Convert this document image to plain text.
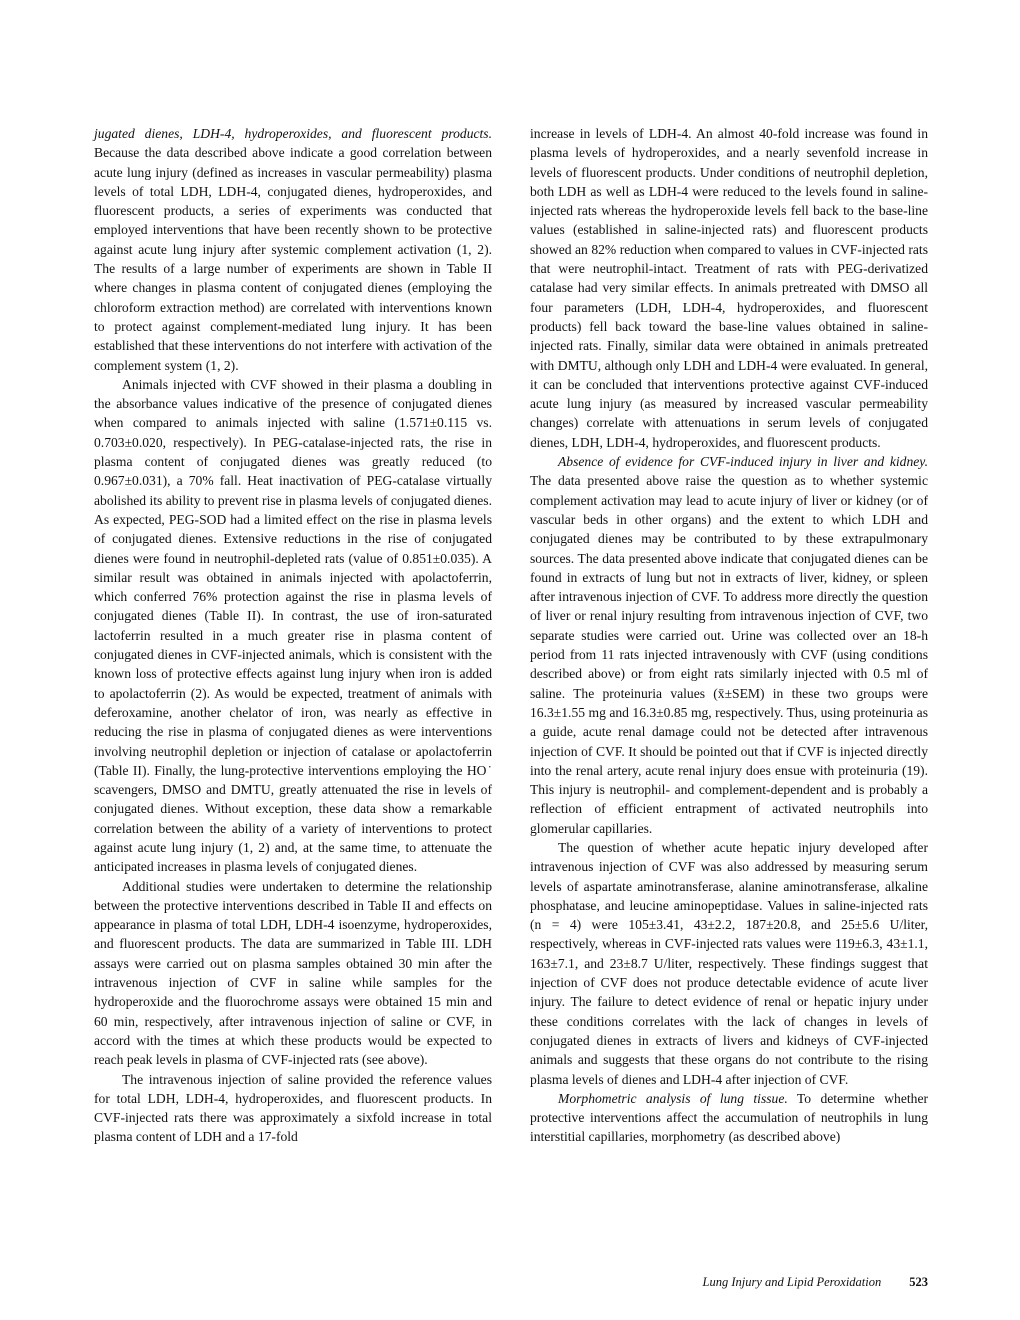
jugated dienes, LDH-4, hydroperoxides, and fluorescent products. Because the data described above indicate a good correlation between acute lung injury (defined as increases in vascular permeability) plasma levels of total LDH, LDH-4, conjugated dienes, hydroperoxides, and fluorescent products, a series of experiments was conducted that employed interventions that have been recently shown to be protective against acute lung injury after systemic complement activation (1, 2). The results of a large number of experiments are shown in Table II where changes in plasma content of conjugated dienes (employing the chloroform extraction method) are correlated with interventions known to protect against complement-mediated lung injury. It has been established that these interventions do not interfere with activation of the complement system (1, 2).

Animals injected with CVF showed in their plasma a doubling in the absorbance values indicative of the presence of conjugated dienes when compared to animals injected with saline (1.571±0.115 vs. 0.703±0.020, respectively). In PEG-catalase-injected rats, the rise in plasma content of conjugated dienes was greatly reduced (to 0.967±0.031), a 70% fall. Heat inactivation of PEG-catalase virtually abolished its ability to prevent rise in plasma levels of conjugated dienes. As expected, PEG-SOD had a limited effect on the rise in plasma levels of conjugated dienes. Extensive reductions in the rise of conjugated dienes were found in neutrophil-depleted rats (value of 0.851±0.035). A similar result was obtained in animals injected with apolactoferrin, which conferred 76% protection against the rise in plasma levels of conjugated dienes (Table II). In contrast, the use of iron-saturated lactoferrin resulted in a much greater rise in plasma content of conjugated dienes in CVF-injected animals, which is consistent with the known loss of protective effects against lung injury when iron is added to apolactoferrin (2). As would be expected, treatment of animals with deferoxamine, another chelator of iron, was nearly as effective in reducing the rise in plasma of conjugated dienes as were interventions involving neutrophil depletion or injection of catalase or apolactoferrin (Table II). Finally, the lung-protective interventions employing the HO˙ scavengers, DMSO and DMTU, greatly attenuated the rise in levels of conjugated dienes. Without exception, these data show a remarkable correlation between the ability of a variety of interventions to protect against acute lung injury (1, 2) and, at the same time, to attenuate the anticipated increases in plasma levels of conjugated dienes.

Additional studies were undertaken to determine the relationship between the protective interventions described in Table II and effects on appearance in plasma of total LDH, LDH-4 isoenzyme, hydroperoxides, and fluorescent products. The data are summarized in Table III. LDH assays were carried out on plasma samples obtained 30 min after the intravenous injection of CVF in saline while samples for the hydroperoxide and the fluorochrome assays were obtained 15 min and 60 min, respectively, after intravenous injection of saline or CVF, in accord with the times at which these products would be expected to reach peak levels in plasma of CVF-injected rats (see above).

The intravenous injection of saline provided the reference values for total LDH, LDH-4, hydroperoxides, and fluorescent products. In CVF-injected rats there was approximately a sixfold increase in total plasma content of LDH and a 17-fold

increase in levels of LDH-4. An almost 40-fold increase was found in plasma levels of hydroperoxides, and a nearly sevenfold increase in levels of fluorescent products. Under conditions of neutrophil depletion, both LDH as well as LDH-4 were reduced to the levels found in saline-injected rats whereas the hydroperoxide levels fell back to the base-line values (established in saline-injected rats) and fluorescent products showed an 82% reduction when compared to values in CVF-injected rats that were neutrophil-intact. Treatment of rats with PEG-derivatized catalase had very similar effects. In animals pretreated with DMSO all four parameters (LDH, LDH-4, hydroperoxides, and fluorescent products) fell back toward the base-line values obtained in saline-injected rats. Finally, similar data were obtained in animals pretreated with DMTU, although only LDH and LDH-4 were evaluated. In general, it can be concluded that interventions protective against CVF-induced acute lung injury (as measured by increased vascular permeability changes) correlate with attenuations in serum levels of conjugated dienes, LDH, LDH-4, hydroperoxides, and fluorescent products.

Absence of evidence for CVF-induced injury in liver and kidney. The data presented above raise the question as to whether systemic complement activation may lead to acute injury of liver or kidney (or of vascular beds in other organs) and the extent to which LDH and conjugated dienes may be contributed to by these extrapulmonary sources. The data presented above indicate that conjugated dienes can be found in extracts of lung but not in extracts of liver, kidney, or spleen after intravenous injection of CVF. To address more directly the question of liver or renal injury resulting from intravenous injection of CVF, two separate studies were carried out. Urine was collected over an 18-h period from 11 rats injected intravenously with CVF (using conditions described above) or from eight rats similarly injected with 0.5 ml of saline. The proteinuria values (x̄±SEM) in these two groups were 16.3±1.55 mg and 16.3±0.85 mg, respectively. Thus, using proteinuria as a guide, acute renal damage could not be detected after intravenous injection of CVF. It should be pointed out that if CVF is injected directly into the renal artery, acute renal injury does ensue with proteinuria (19). This injury is neutrophil- and complement-dependent and is probably a reflection of efficient entrapment of activated neutrophils into glomerular capillaries.

The question of whether acute hepatic injury developed after intravenous injection of CVF was also addressed by measuring serum levels of aspartate aminotransferase, alanine aminotransferase, alkaline phosphatase, and leucine aminopeptidase. Values in saline-injected rats (n = 4) were 105±3.41, 43±2.2, 187±20.8, and 25±5.6 U/liter, respectively, whereas in CVF-injected rats values were 119±6.3, 43±1.1, 163±7.1, and 23±8.7 U/liter, respectively. These findings suggest that injection of CVF does not produce detectable evidence of acute liver injury. The failure to detect evidence of renal or hepatic injury under these conditions correlates with the lack of changes in levels of conjugated dienes in extracts of livers and kidneys of CVF-injected animals and suggests that these organs do not contribute to the rising plasma levels of dienes and LDH-4 after injection of CVF.

Morphometric analysis of lung tissue. To determine whether protective interventions affect the accumulation of neutrophils in lung interstitial capillaries, morphometry (as described above)

Lung Injury and Lipid Peroxidation 523
